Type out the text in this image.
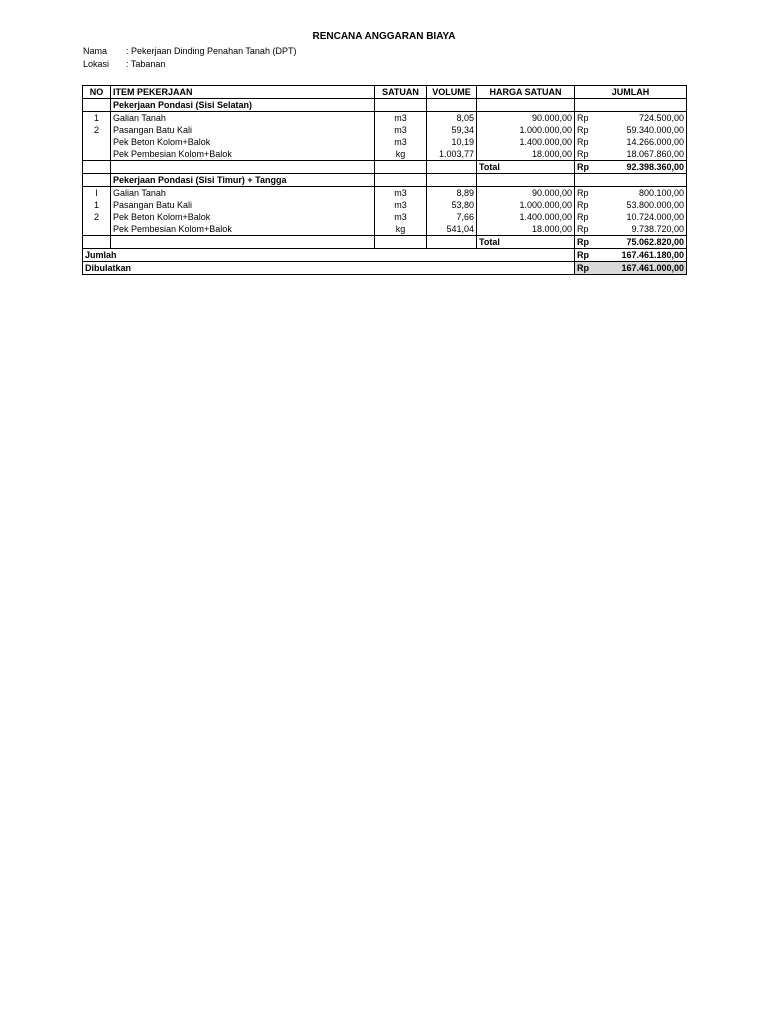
RENCANA ANGGARAN BIAYA
Nama : Pekerjaan Dinding Penahan Tanah (DPT)
Lokasi : Tabanan
NO	ITEM PEKERJAAN	SATUAN	VOLUME	HARGA SATUAN	JUMLAH	
	Pekerjaan Pondasi (Sisi Selatan)					
1	Galian Tanah	m3	8,05	90.000,00	Rp	724.500,00
2	Pasangan Batu Kali	m3	59,34	1.000.000,00	Rp	59.340.000,00
	Pek Beton Kolom+Balok	m3	10,19	1.400.000,00	Rp	14.266.000,00
	Pek Pembesian Kolom+Balok	kg	1.003,77	18.000,00	Rp	18.067.860,00
				Total	Rp	92.398.360,00
	Pekerjaan Pondasi (Sisi Timur) + Tangga					
I	Galian Tanah	m3	8,89	90.000,00	Rp	800.100,00
1	Pasangan Batu Kali	m3	53,80	1.000.000,00	Rp	53.800.000,00
2	Pek Beton Kolom+Balok	m3	7,66	1.400.000,00	Rp	10.724.000,00
	Pek Pembesian Kolom+Balok	kg	541,04	18.000,00	Rp	9.738.720,00
				Total	Rp	75.062.820,00
Jumlah					Rp	167.461.180,00
Dibulatkan					Rp	167.461.000,00
